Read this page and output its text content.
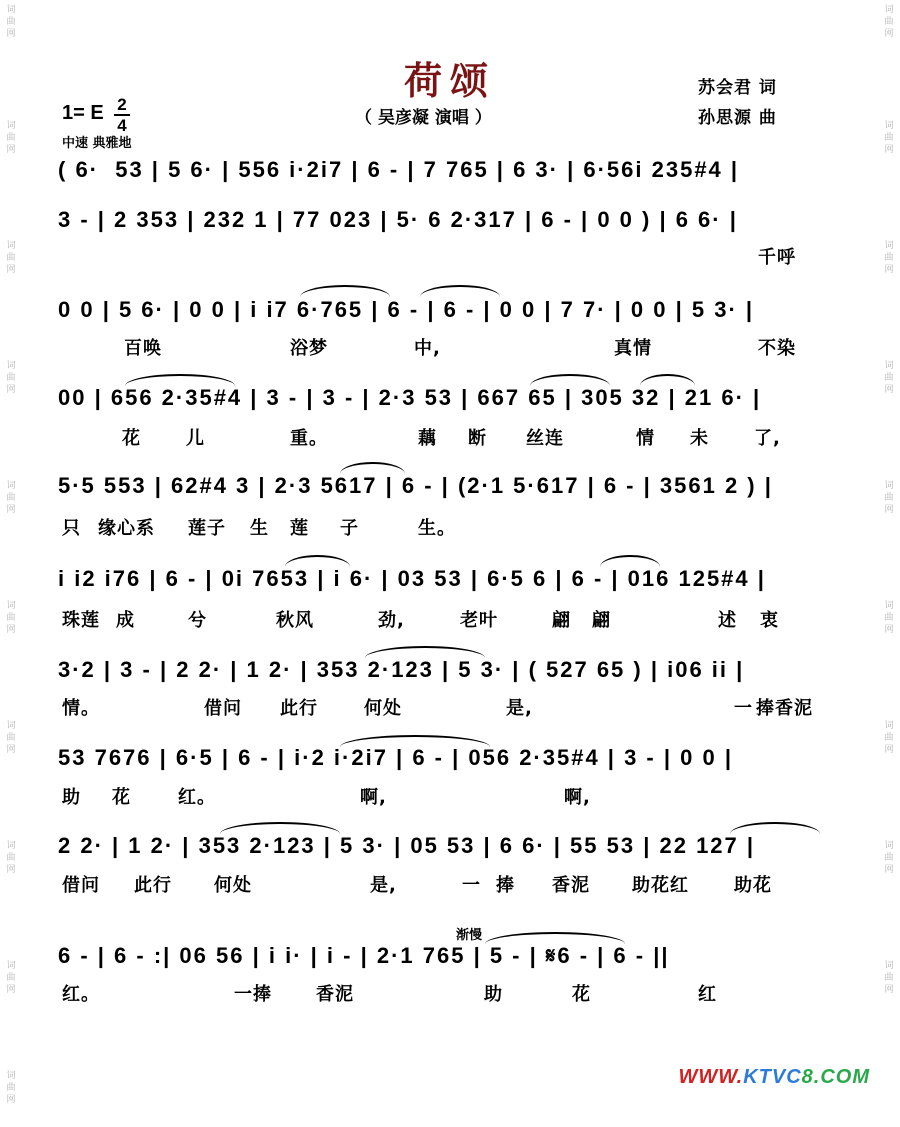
词
曲
网
词
曲
网
词
曲
网
词
曲
网
词
曲
网
词
曲
网
词
曲
网
词
曲
网
词
曲
网
词
曲
网
词
曲
网
词
曲
网
词
曲
网
词
曲
网
词
曲
网
词
曲
网
词
曲
网
词
曲
网
词
曲
网
荷颂
（ 吴彦凝 演唱 ）
苏会君 词
孙思源 曲
1= E 2
4
中速 典雅地
( 6·  53 | 5 6· | 556 i·2i7 | 6 - | 7 765 | 6 3· | 6·56i 235#4 |
3 - | 2 353 | 232 1 | 77 023 | 5· 6 2·317 | 6 - | 0 0 ) | 6 6· |
0 0 | 5 6· | 0 0 | i i7 6·765 | 6 - | 6 - | 0 0 | 7 7· | 0 0 | 5 3· |
00 | 656 2·35#4 | 3 - | 3 - | 2·3 53 | 667 65 | 305 32 | 21 6· |
5·5 553 | 62#4 3 | 2·3 5617 | 6 - | (2·1 5·617 | 6 - | 3561 2 ) |
i i2 i76 | 6 - | 0i 7653 | i 6· | 03 53 | 6·5 6 | 6 - | 016 125#4 |
3·2 | 3 - | 2 2· | 1 2· | 353 2·123 | 5 3· | ( 527 65 ) | i06 ii |
53 7676 | 6·5 | 6 - | i·2 i·2i7 | 6 - | 056 2·35#4 | 3 - | 0 0 |
2 2· | 1 2· | 353 2·123 | 5 3· | 05 53 | 6 6· | 55 53 | 22 127 |
渐慢
6 - | 6 - :| 06 56 | i i· | i - | 2·1 765 | 5 - | 𝄋6 - | 6 - ||

千呼

百唤

	浴梦

	中,

	真情

	不染

花

	儿

	重。

	藕

断

丝连

	情

未

	了,

只

缘心系

莲子

生

莲

子

	生。

珠莲

成

	兮

	秋风

	劲,

	老叶

	翩

翩

	述

衷

情。

	借问

此行

	何处

	是,

	一

捧香泥

助

花

	红。

	啊,

	啊,

借问

此行

何处

	是,

	一

捧

香泥

助花红

	助花

红。

	一捧

香泥

	助

	花

	红

WWW.KTVC8.COM
